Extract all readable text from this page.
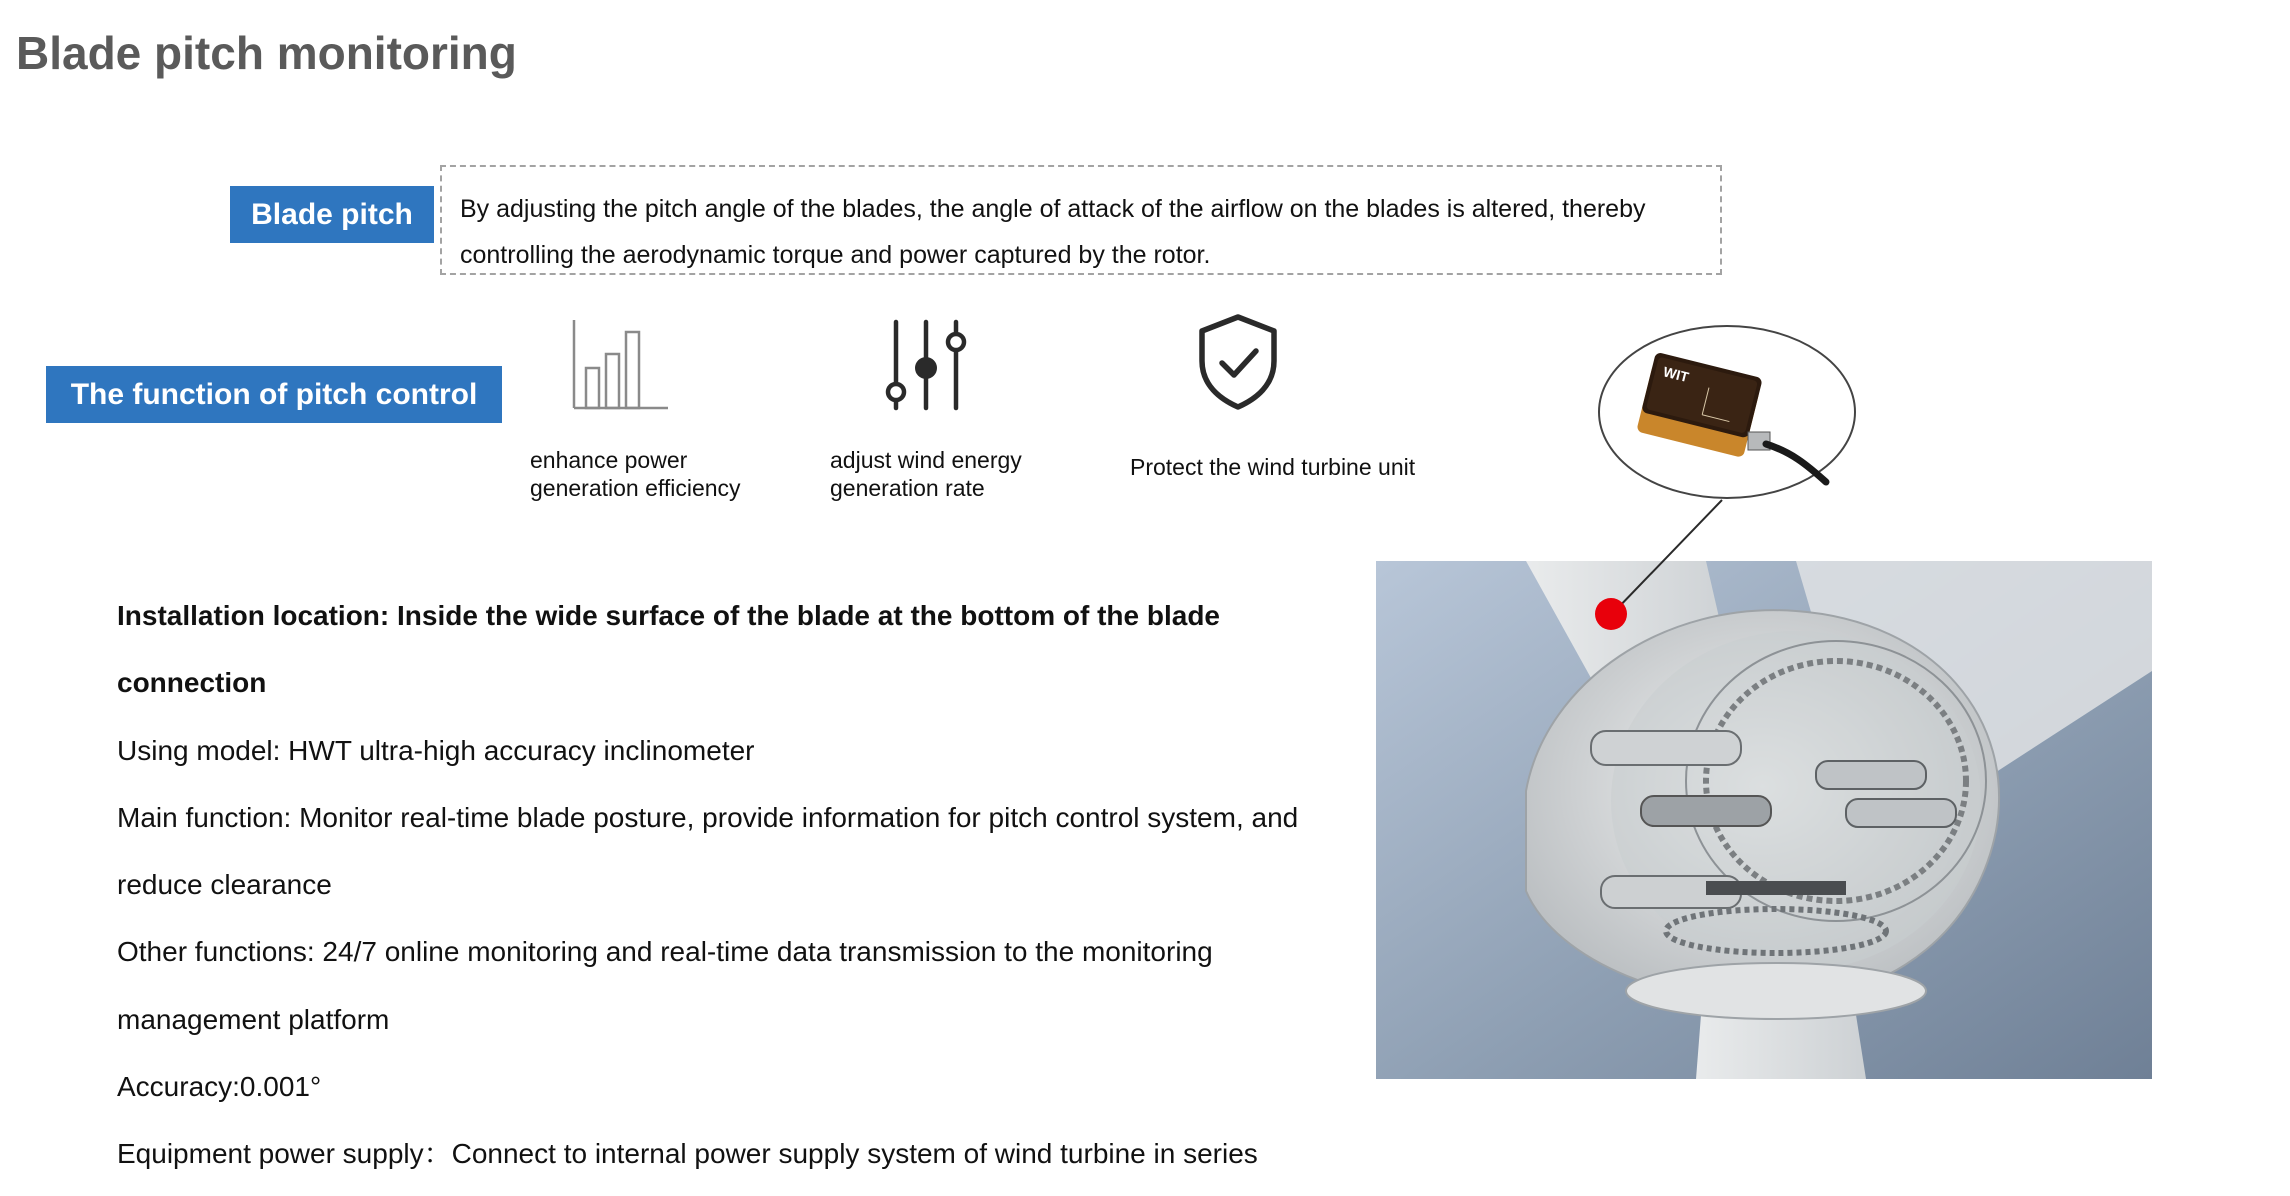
Blade pitch monitoring
Blade pitch	By adjusting the pitch angle of the blades, the angle of attack of the airflow on the blades is altered, thereby controlling the aerodynamic torque and power captured by the rotor.
The function of pitch control
enhance power generation efficiency
adjust wind energy generation rate
Protect the wind turbine unit
Installation location: Inside the wide surface of the blade at the bottom of the blade connection
Using model: HWT ultra-high accuracy inclinometer
Main function: Monitor real-time blade posture, provide information for pitch control system, and reduce clearance
Other functions: 24/7 online monitoring and real-time data transmission to the monitoring management platform
Accuracy:0.001°
Equipment power supply：Connect to internal power supply system of wind turbine in series
WIT
